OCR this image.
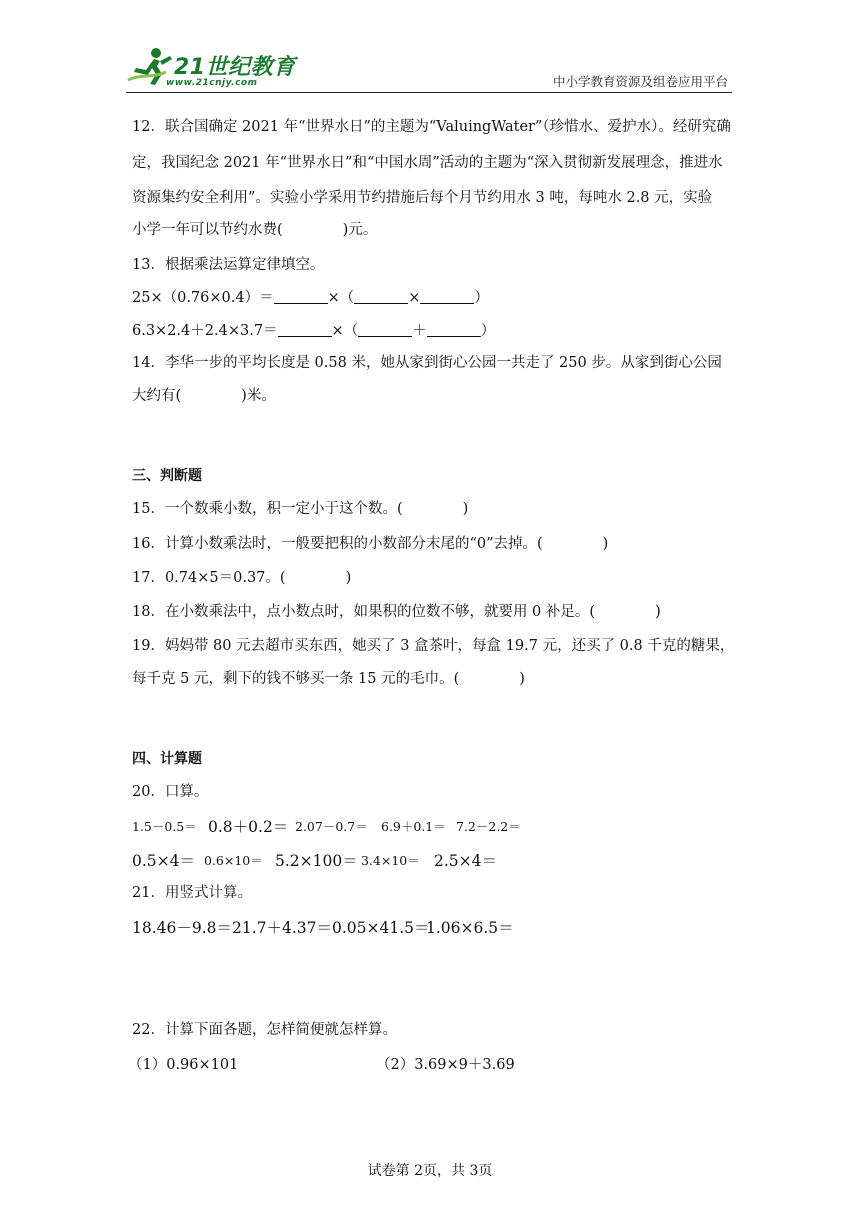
21世纪教育
www.21cnjy.com	中小学教育资源及组卷应用平台
12．联合国确定 2021 年“世界水日”的主题为“ValuingWater”（珍惜水、爱护水）。经研究确
定，我国纪念 2021 年“世界水日”和“中国水周”活动的主题为“深入贯彻新发展理念，推进水
资源集约安全利用”。实验小学采用节约措施后每个月节约用水 3 吨，每吨水 2.8 元，实验
小学一年可以节约水费(	)元。
13．根据乘法运算定律填空。
25×（0.76×0.4）＝	×（	×	）
6.3×2.4＋2.4×3.7＝	×（	＋	）
14．李华一步的平均长度是 0.58 米，她从家到街心公园一共走了 250 步。从家到街心公园
大约有(	)米。
三、判断题
15．一个数乘小数，积一定小于这个数。(	)
16．计算小数乘法时，一般要把积的小数部分末尾的“0”去掉。(	)
17．0.74×5＝0.37。(	)
18．在小数乘法中，点小数点时，如果积的位数不够，就要用 0 补足。(	)
19．妈妈带 80 元去超市买东西，她买了 3 盒茶叶，每盒 19.7 元，还买了 0.8 千克的糖果，
每千克 5 元，剩下的钱不够买一条 15 元的毛巾。(	)
四、计算题
20．口算。
1.5－0.5＝ 0.8＋0.2＝ 2.07－0.7＝ 6.9＋0.1＝ 7.2－2.2＝
0.5×4＝ 0.6×10＝ 5.2×100＝ 3.4×10＝ 2.5×4＝
21．用竖式计算。
18.46－9.8＝ 21.7＋4.37＝ 0.05×41.5＝
1.06×6.5＝
22．计算下面各题，怎样简便就怎样算。
（1）0.96×101	（2）3.69×9＋3.69
试卷第 2页，共 3页
